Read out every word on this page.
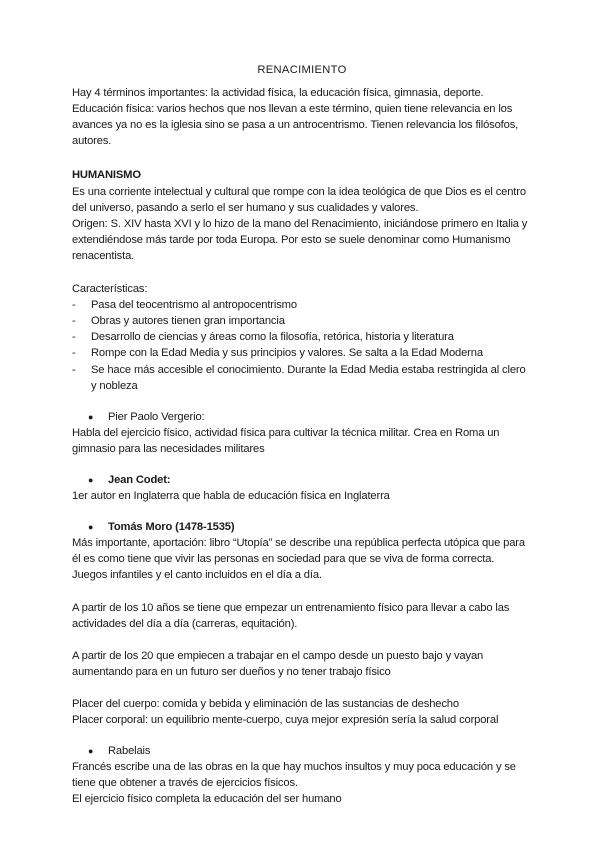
RENACIMIENTO

Hay 4 términos importantes: la actividad física, la educación física, gimnasia, deporte.

Educación física: varios hechos que nos llevan a este término, quien tiene relevancia en los avances ya no es la iglesia sino se pasa a un antrocentrismo. Tienen relevancia los filósofos, autores.

HUMANISMO

Es una corriente intelectual y cultural que rompe con la idea teológica de que Dios es el centro del universo, pasando a serlo el ser humano y sus cualidades y valores.

Origen: S. XIV hasta XVI y lo hizo de la mano del Renacimiento, iniciándose primero en Italia y extendiéndose más tarde por toda Europa. Por esto se suele denominar como Humanismo renacentista.

Características:

- Pasa del teocentrismo al antropocentrismo
- Obras y autores tienen gran importancia
- Desarrollo de ciencias y áreas como la filosofía, retórica, historia y literatura
- Rompe con la Edad Media y sus principios y valores. Se salta a la Edad Moderna
- Se hace más accesible el conocimiento. Durante la Edad Media estaba restringida al clero y nobleza
● Pier Paolo Vergerio:

Habla del ejercicio físico, actividad física para cultivar la técnica militar. Crea en Roma un gimnasio para las necesidades militares

● Jean Codet:

1er autor en Inglaterra que habla de educación física en Inglaterra

● Tomás Moro (1478-1535)

Más importante, aportación: libro “Utopía” se describe una república perfecta utópica que para él es como tiene que vivir las personas en sociedad para que se viva de forma correcta. Juegos infantiles y el canto incluidos en el día a día.

A partir de los 10 años se tiene que empezar un entrenamiento físico para llevar a cabo las actividades del día a día (carreras, equitación).

A partir de los 20 que empiecen a trabajar en el campo desde un puesto bajo y vayan aumentando para en un futuro ser dueños y no tener trabajo físico

Placer del cuerpo: comida y bebida y eliminación de las sustancias de deshecho

Placer corporal: un equilibrio mente-cuerpo, cuya mejor expresión sería la salud corporal

● Rabelais

Francés escribe una de las obras en la que hay muchos insultos y muy poca educación y se tiene que obtener a través de ejercicios físicos.

El ejercicio físico completa la educación del ser humano
